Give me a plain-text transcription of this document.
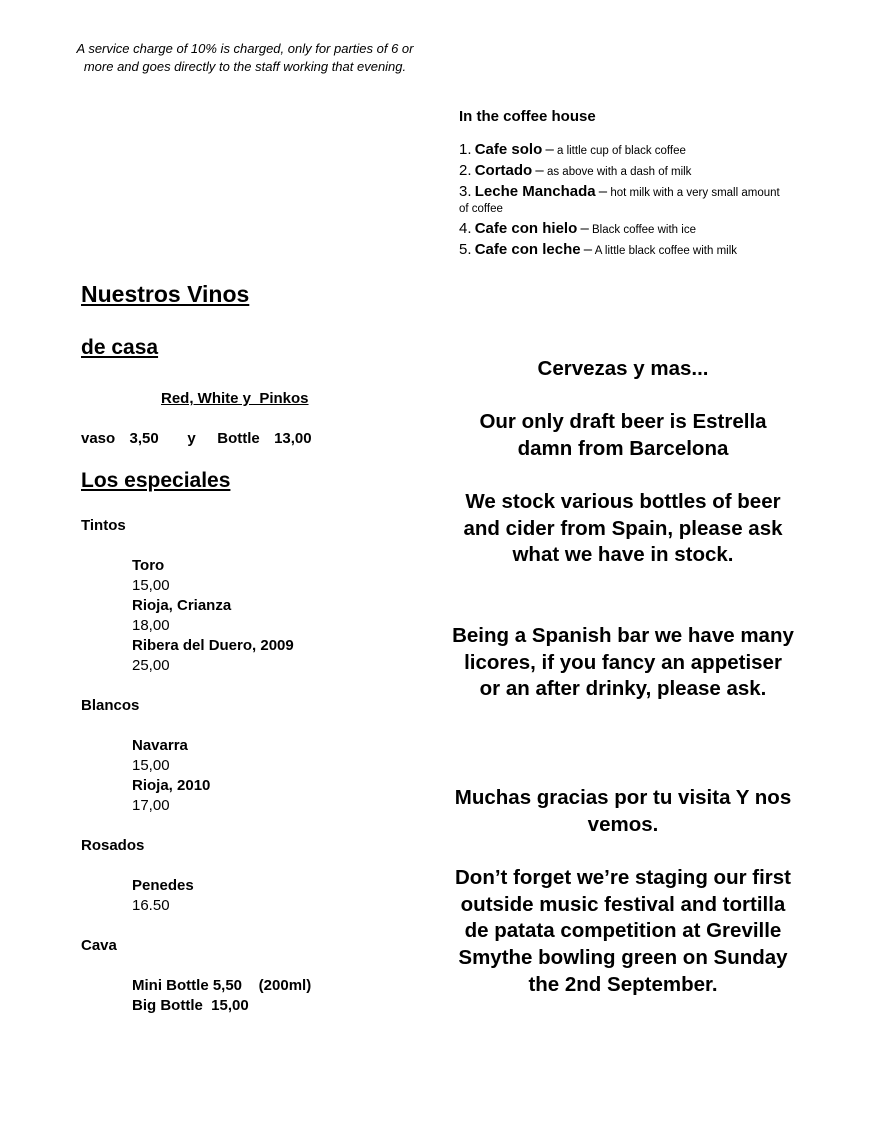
A service charge of 10% is charged, only for parties of 6 or more and goes directly to the staff working that evening.
In the coffee house
1. Cafe solo – a little cup of black coffee
2. Cortado – as above with a dash of milk
3. Leche Manchada – hot milk with a very small amount of coffee
4. Cafe con hielo – Black coffee with ice
5. Cafe con leche – A little black coffee with milk
Nuestros Vinos
de casa
Red, White y  Pinkos
vaso  3,50    y   Bottle  13,00
Los especiales
Tintos
Toro
15,00
Rioja, Crianza
18,00
Ribera del Duero, 2009
25,00
Blancos
Navarra
15,00
Rioja, 2010
17,00
Rosados
Penedes
16.50
Cava
Mini Bottle 5,50    (200ml)
Big Bottle  15,00
Cervezas y mas...
Our only draft beer is Estrella damn from Barcelona
We stock various bottles of beer and cider from Spain, please ask what we have in stock.
Being a Spanish bar we have many licores, if you fancy an appetiser or an after drinky, please ask.
Muchas gracias por tu visita Y nos vemos.
Don’t forget we’re staging our first outside music festival and tortilla de patata competition at Greville Smythe bowling green on Sunday the 2nd September.
